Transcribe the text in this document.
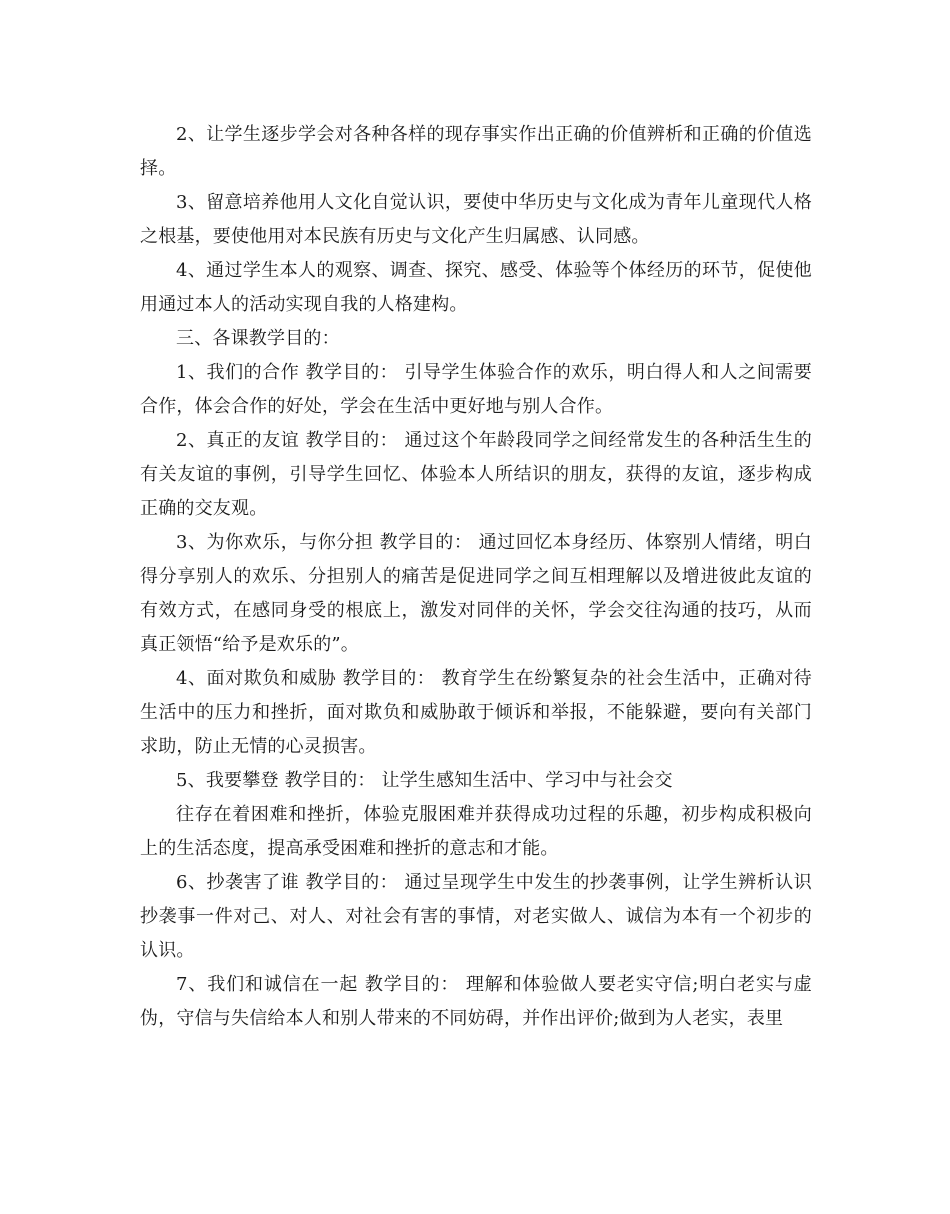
2、让学生逐步学会对各种各样的现存事实作出正确的价值辨析和正确的价值选择。

3、留意培养他用人文化自觉认识，要使中华历史与文化成为青年儿童现代人格之根基，要使他用对本民族有历史与文化产生归属感、认同感。

4、通过学生本人的观察、调查、探究、感受、体验等个体经历的环节，促使他用通过本人的活动实现自我的人格建构。

三、各课教学目的：

1、我们的合作 教学目的： 引导学生体验合作的欢乐，明白得人和人之间需要合作，体会合作的好处，学会在生活中更好地与别人合作。

2、真正的友谊 教学目的： 通过这个年龄段同学之间经常发生的各种活生生的有关友谊的事例，引导学生回忆、体验本人所结识的朋友，获得的友谊，逐步构成正确的交友观。

3、为你欢乐，与你分担 教学目的： 通过回忆本身经历、体察别人情绪，明白得分享别人的欢乐、分担别人的痛苦是促进同学之间互相理解以及增进彼此友谊的有效方式，在感同身受的根底上，激发对同伴的关怀，学会交往沟通的技巧，从而真正领悟“给予是欢乐的”。

4、面对欺负和威胁 教学目的： 教育学生在纷繁复杂的社会生活中，正确对待生活中的压力和挫折，面对欺负和威胁敢于倾诉和举报，不能躲避，要向有关部门求助，防止无情的心灵损害。

5、我要攀登 教学目的： 让学生感知生活中、学习中与社会交

往存在着困难和挫折，体验克服困难并获得成功过程的乐趣，初步构成积极向上的生活态度，提高承受困难和挫折的意志和才能。

6、抄袭害了谁 教学目的： 通过呈现学生中发生的抄袭事例，让学生辨析认识抄袭事一件对己、对人、对社会有害的事情，对老实做人、诚信为本有一个初步的认识。

7、我们和诚信在一起 教学目的： 理解和体验做人要老实守信;明白老实与虚伪，守信与失信给本人和别人带来的不同妨碍，并作出评价;做到为人老实，表里
